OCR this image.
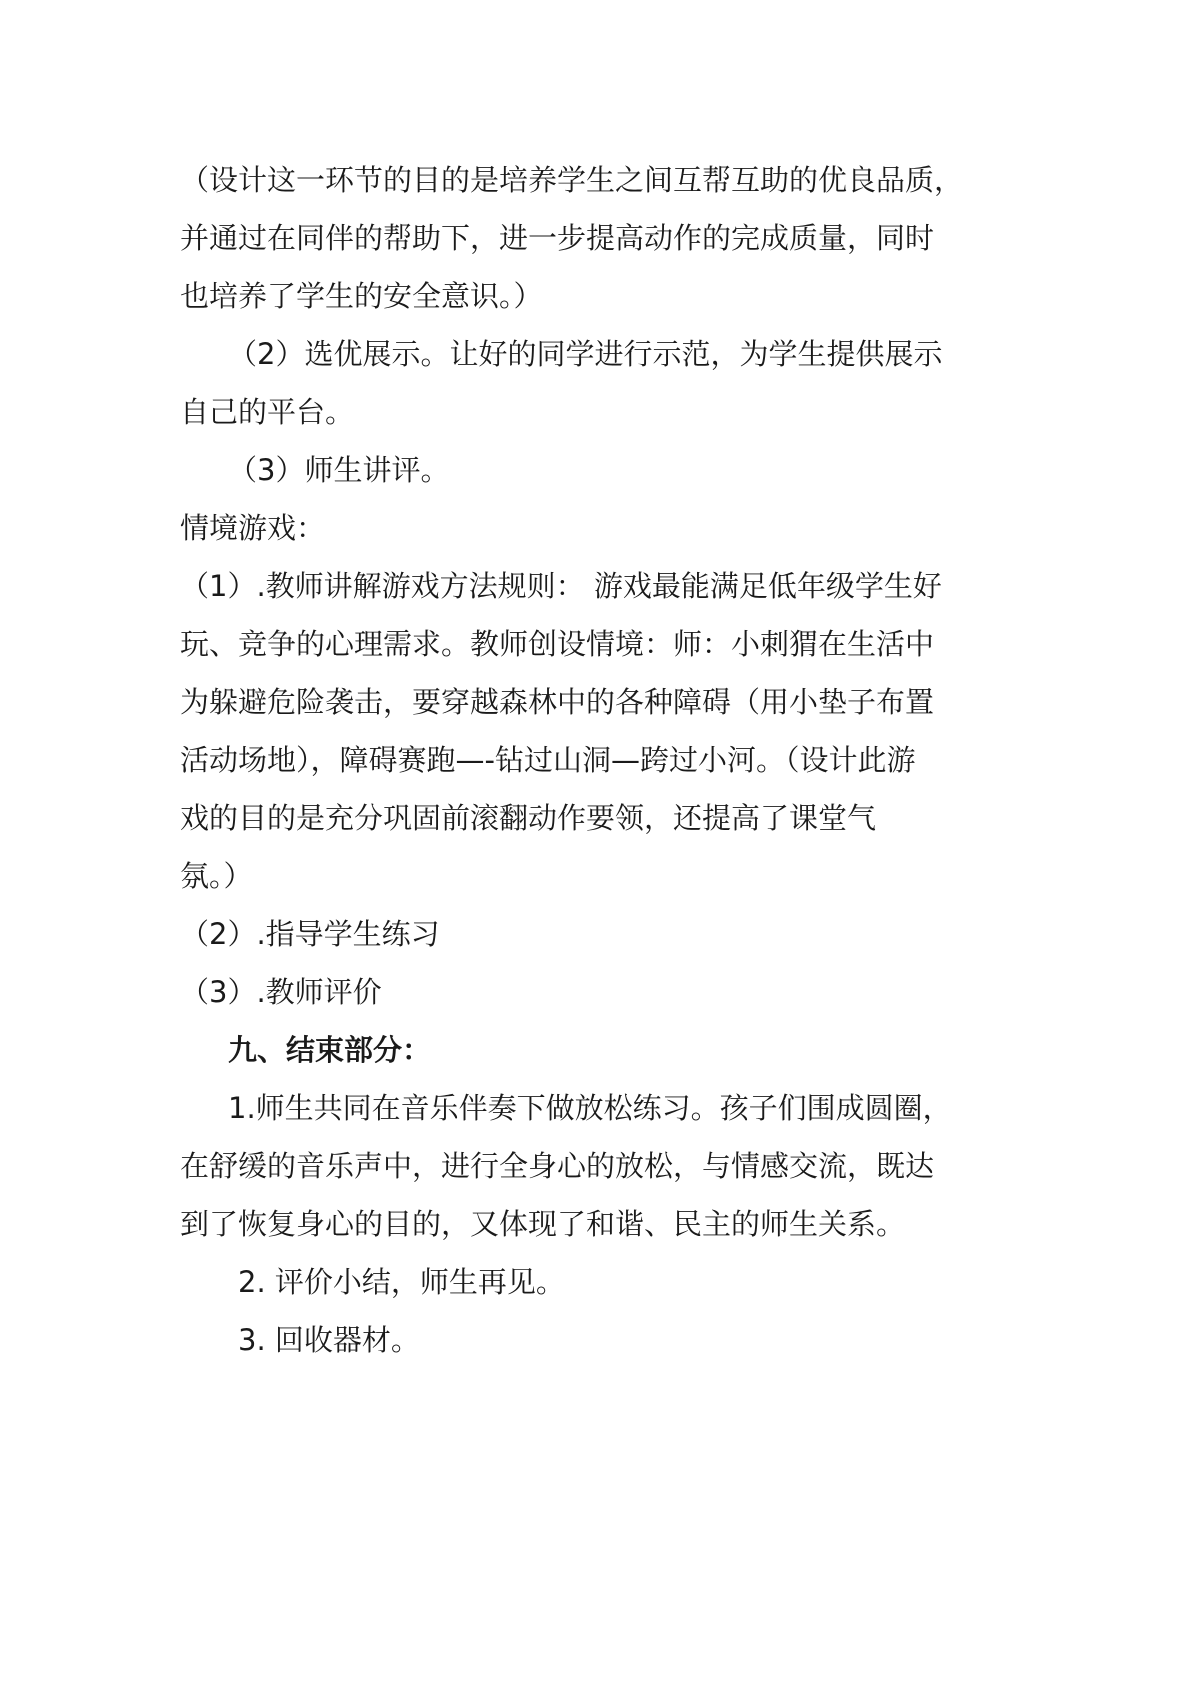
（设计这一环节的目的是培养学生之间互帮互助的优良品质，
并通过在同伴的帮助下，进一步提高动作的完成质量，同时
也培养了学生的安全意识。）
（2）选优展示。让好的同学进行示范，为学生提供展示
自己的平台。
（3）师生讲评。
情境游戏：
（1）.教师讲解游戏方法规则： 游戏最能满足低年级学生好
玩、竞争的心理需求。教师创设情境：师：小刺猬在生活中
为躲避危险袭击，要穿越森林中的各种障碍（用小垫子布置
活动场地），障碍赛跑—-钻过山洞—跨过小河。（设计此游
戏的目的是充分巩固前滚翻动作要领，还提高了课堂气
氛。）
（2）.指导学生练习
（3）.教师评价
九、结束部分：
1.师生共同在音乐伴奏下做放松练习。孩子们围成圆圈，
在舒缓的音乐声中，进行全身心的放松，与情感交流，既达
到了恢复身心的目的，又体现了和谐、民主的师生关系。
2. 评价小结，师生再见。
3. 回收器材。
